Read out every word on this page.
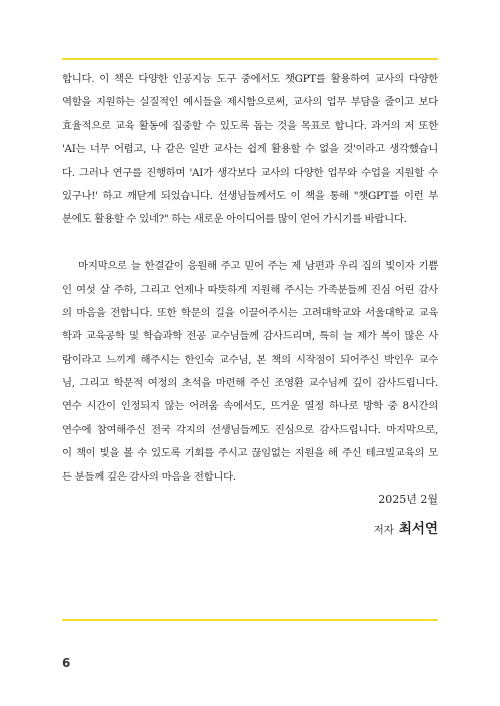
합니다. 이 책은 다양한 인공지능 도구 중에서도 챗GPT를 활용하여 교사의 다양한
역할을 지원하는 실질적인 예시들을 제시함으로써, 교사의 업무 부담을 줄이고 보다
효율적으로 교육 활동에 집중할 수 있도록 돕는 것을 목표로 합니다. 과거의 저 또한
'AI는 너무 어렵고, 나 같은 일반 교사는 쉽게 활용할 수 없을 것'이라고 생각했습니
다. 그러나 연구를 진행하며 'AI가 생각보다 교사의 다양한 업무와 수업을 지원할 수
있구나!' 하고 깨닫게 되었습니다. 선생님들께서도 이 책을 통해 "챗GPT를 이런 부
분에도 활용할 수 있네?" 하는 새로운 아이디어를 많이 얻어 가시기를 바랍니다.
마지막으로 늘 한결같이 응원해 주고 믿어 주는 제 남편과 우리 집의 빛이자 기쁨
인 여섯 살 주하, 그리고 언제나 따뜻하게 지원해 주시는 가족분들께 진심 어린 감사
의 마음을 전합니다. 또한 학문의 길을 이끌어주시는 고려대학교와 서울대학교 교육
학과 교육공학 및 학습과학 전공 교수님들께 감사드리며, 특히 늘 제가 복이 많은 사
람이라고 느끼게 해주시는 한인숙 교수님, 본 책의 시작점이 되어주신 박인우 교수
님, 그리고 학문적 여정의 초석을 마련해 주신 조영환 교수님께 깊이 감사드립니다.
연수 시간이 인정되지 않는 어려움 속에서도, 뜨거운 열정 하나로 방학 중 8시간의
연수에 참여해주신 전국 각지의 선생님들께도 진심으로 감사드립니다. 마지막으로,
이 책이 빛을 볼 수 있도록 기회를 주시고 끊임없는 지원을 해 주신 테크빌교육의 모
든 분들께 깊은 감사의 마음을 전합니다.
2025년 2월
저자 최서연
6
